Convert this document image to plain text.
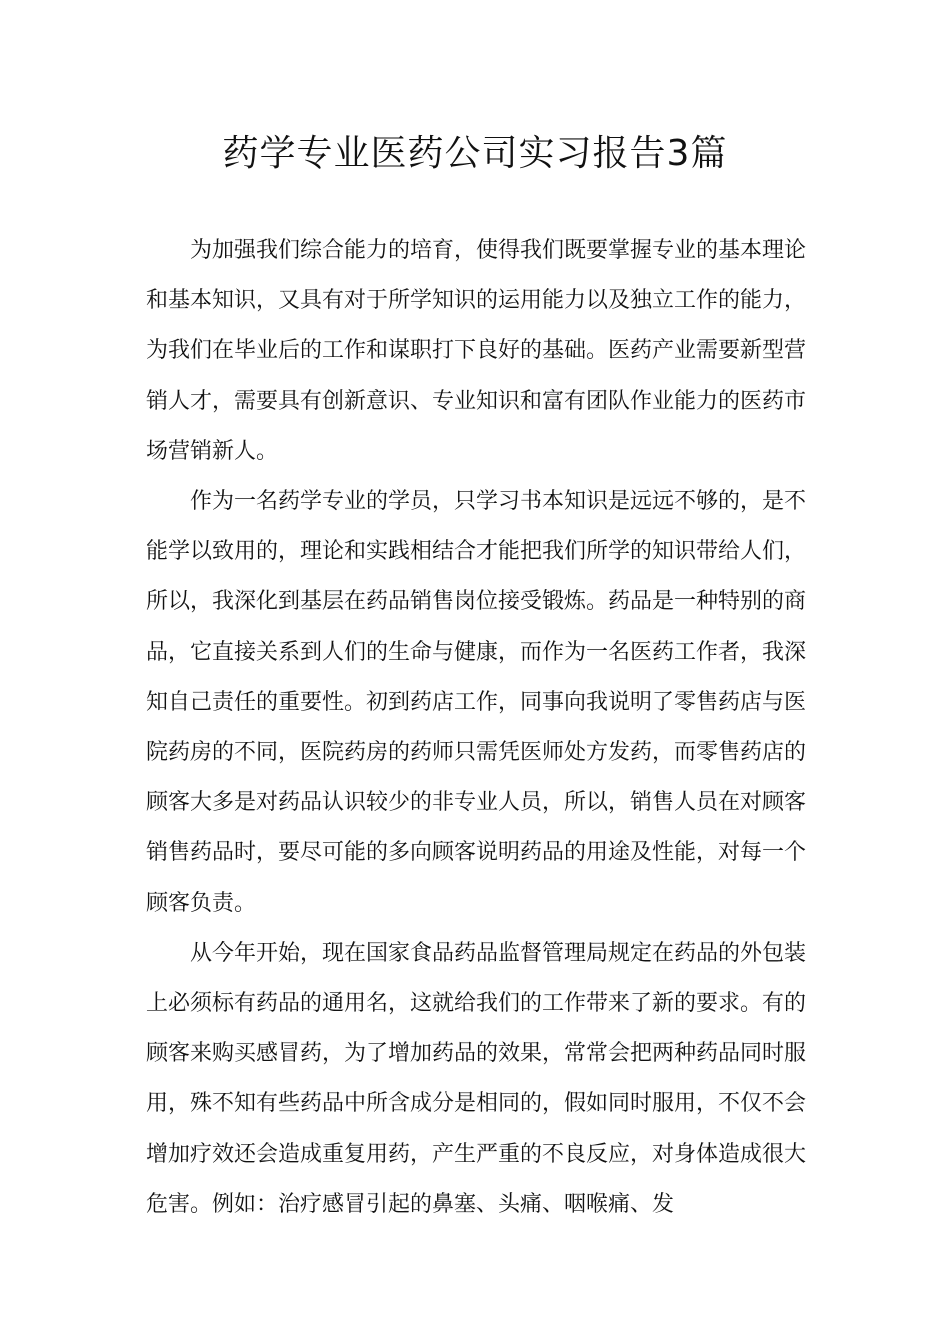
药学专业医药公司实习报告3篇

为加强我们综合能力的培育，使得我们既要掌握专业的基本理论和基本知识，又具有对于所学知识的运用能力以及独立工作的能力，为我们在毕业后的工作和谋职打下良好的基础。医药产业需要新型营销人才，需要具有创新意识、专业知识和富有团队作业能力的医药市场营销新人。

作为一名药学专业的学员，只学习书本知识是远远不够的，是不能学以致用的，理论和实践相结合才能把我们所学的知识带给人们，所以，我深化到基层在药品销售岗位接受锻炼。药品是一种特别的商品，它直接关系到人们的生命与健康，而作为一名医药工作者，我深知自己责任的重要性。初到药店工作，同事向我说明了零售药店与医院药房的不同，医院药房的药师只需凭医师处方发药，而零售药店的顾客大多是对药品认识较少的非专业人员，所以，销售人员在对顾客销售药品时，要尽可能的多向顾客说明药品的用途及性能，对每一个顾客负责。

从今年开始，现在国家食品药品监督管理局规定在药品的外包装上必须标有药品的通用名，这就给我们的工作带来了新的要求。有的顾客来购买感冒药，为了增加药品的效果，常常会把两种药品同时服用，殊不知有些药品中所含成分是相同的，假如同时服用，不仅不会增加疗效还会造成重复用药，产生严重的不良反应，对身体造成很大危害。例如：治疗感冒引起的鼻塞、头痛、咽喉痛、发
